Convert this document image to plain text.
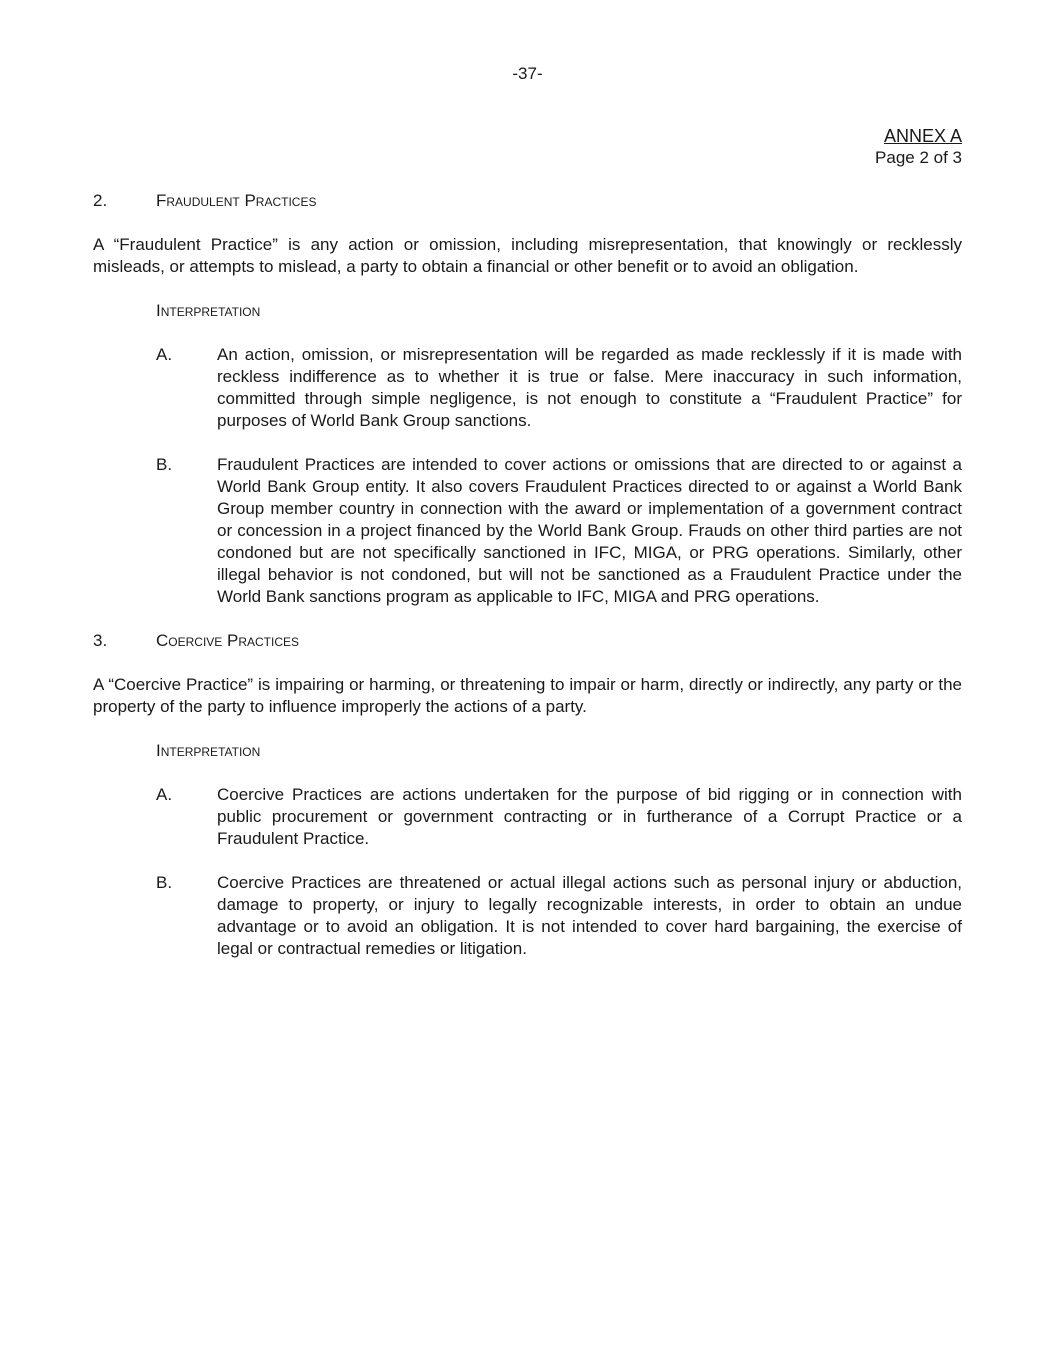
-37-
ANNEX A
Page 2 of 3
2.	Fraudulent Practices

A “Fraudulent Practice” is any action or omission, including misrepresentation, that knowingly or recklessly misleads, or attempts to mislead, a party to obtain a financial or other benefit or to avoid an obligation.

Interpretation
A.	An action, omission, or misrepresentation will be regarded as made recklessly if it is made with reckless indifference as to whether it is true or false. Mere inaccuracy in such information, committed through simple negligence, is not enough to constitute a “Fraudulent Practice” for purposes of World Bank Group sanctions.
B.	Fraudulent Practices are intended to cover actions or omissions that are directed to or against a World Bank Group entity. It also covers Fraudulent Practices directed to or against a World Bank Group member country in connection with the award or implementation of a government contract or concession in a project financed by the World Bank Group. Frauds on other third parties are not condoned but are not specifically sanctioned in IFC, MIGA, or PRG operations. Similarly, other illegal behavior is not condoned, but will not be sanctioned as a Fraudulent Practice under the World Bank sanctions program as applicable to IFC, MIGA and PRG operations.
3.	Coercive Practices

A “Coercive Practice” is impairing or harming, or threatening to impair or harm, directly or indirectly, any party or the property of the party to influence improperly the actions of a party.

Interpretation
A.	Coercive Practices are actions undertaken for the purpose of bid rigging or in connection with public procurement or government contracting or in furtherance of a Corrupt Practice or a Fraudulent Practice.
B.	Coercive Practices are threatened or actual illegal actions such as personal injury or abduction, damage to property, or injury to legally recognizable interests, in order to obtain an undue advantage or to avoid an obligation. It is not intended to cover hard bargaining, the exercise of legal or contractual remedies or litigation.
